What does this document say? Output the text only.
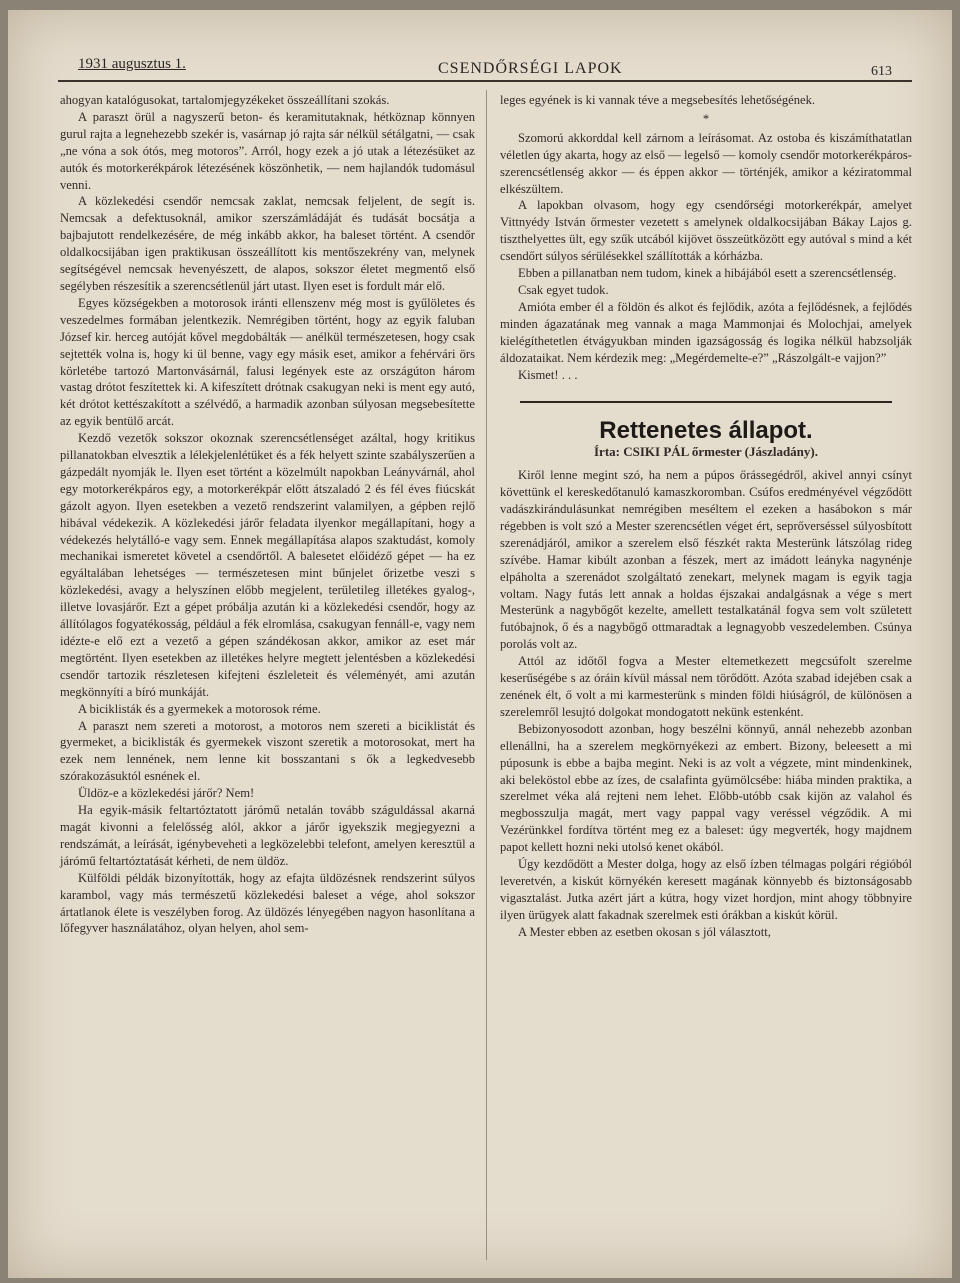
1931 augusztus 1.	CSENDŐRSÉGI LAPOK	613

ahogyan katalógusokat, tartalomjegyzékeket összeállítani szokás.

A paraszt örül a nagyszerű beton- és keramitutaknak, hétköznap könnyen gurul rajta a legnehezebb szekér is, vasárnap jó rajta sár nélkül sétálgatni, — csak „ne vóna a sok ótós, meg motoros”. Arról, hogy ezek a jó utak a létezésüket az autók és motorkerékpárok létezésének köszönhetik, — nem hajlandók tudomásul venni.

A közlekedési csendőr nemcsak zaklat, nemcsak feljelent, de segít is. Nemcsak a defektusoknál, amikor szerszámládáját és tudását bocsátja a bajbajutott rendelkezésére, de még inkább akkor, ha baleset történt. A csendőr oldalkocsijában igen praktikusan összeállított kis mentőszekrény van, melynek segítségével nemcsak hevenyészett, de alapos, sokszor életet megmentő első segélyben részesítik a szerencsétlenül járt utast. Ilyen eset is fordult már elő.

Egyes községekben a motorosok iránti ellenszenv még most is gyűlöletes és veszedelmes formában jelentkezik. Nemrégiben történt, hogy az egyik faluban József kir. herceg autóját kővel megdobálták — anélkül természetesen, hogy csak sejtették volna is, hogy ki ül benne, vagy egy másik eset, amikor a fehérvári örs körletébe tartozó Martonvásárnál, falusi legények este az országúton három vastag drótot feszítettek ki. A kifeszített drótnak csakugyan neki is ment egy autó, két drótot kettészakított a szélvédő, a harmadik azonban súlyosan megsebesítette az egyik bentülő arcát.

Kezdő vezetők sokszor okoznak szerencsétlenséget azáltal, hogy kritikus pillanatokban elvesztik a lélekjelenlétüket és a fék helyett szinte szabályszerűen a gázpedált nyomják le. Ilyen eset történt a közelmúlt napokban Leányvárnál, ahol egy motorkerékpáros egy, a motorkerékpár előtt átszaladó 2 és fél éves fiúcskát gázolt agyon. Ilyen esetekben a vezető rendszerint valamilyen, a gépben rejlő hibával védekezik. A közlekedési járőr feladata ilyenkor megállapítani, hogy a védekezés helytálló-e vagy sem. Ennek megállapítása alapos szaktudást, komoly mechanikai ismeretet követel a csendőrtől. A balesetet előidéző gépet — ha ez egyáltalában lehetséges — természetesen mint bűnjelet őrizetbe veszi s közlekedési, avagy a helyszínen előbb megjelent, területileg illetékes gyalog-, illetve lovasjárőr. Ezt a gépet próbálja azután ki a közlekedési csendőr, hogy az állítólagos fogyatékosság, például a fék elromlása, csakugyan fennáll-e, vagy nem idézte-e elő ezt a vezető a gépen szándékosan akkor, amikor az eset már megtörtént. Ilyen esetekben az illetékes helyre megtett jelentésben a közlekedési csendőr tartozik részletesen kifejteni észleleteit és véleményét, ami azután megkönnyíti a bíró munkáját.

A biciklisták és a gyermekek a motorosok réme.

A paraszt nem szereti a motorost, a motoros nem szereti a biciklistát és gyermeket, a biciklisták és gyermekek viszont szeretik a motorosokat, mert ha ezek nem lennének, nem lenne kit bosszantani s ők a legkedvesebb szórakozásuktól esnének el.

Üldöz-e a közlekedési járőr? Nem!

Ha egyik-másik feltartóztatott járómű netalán tovább száguldással akarná magát kivonni a felelősség alól, akkor a járőr igyekszik megjegyezni a rendszámát, a leírását, igénybeveheti a legközelebbi telefont, amelyen keresztül a járómű feltartóztatását kérheti, de nem üldöz.

Külföldi példák bizonyították, hogy az efajta üldözésnek rendszerint súlyos karambol, vagy más természetű közlekedési baleset a vége, ahol sokszor ártatlanok élete is veszélyben forog. Az üldözés lényegében nagyon hasonlítana a lőfegyver használatához, olyan helyen, ahol sem-

leges egyének is ki vannak téve a megsebesítés lehetőségének.

*

Szomorú akkorddal kell zárnom a leírásomat. Az ostoba és kiszámíthatatlan véletlen úgy akarta, hogy az első — legelső — komoly csendőr motorkerékpáros-szerencsétlenség akkor — és éppen akkor — történjék, amikor a kéziratommal elkészültem.

A lapokban olvasom, hogy egy csendőrségi motorkerékpár, amelyet Vittnyédy István őrmester vezetett s amelynek oldalkocsijában Bákay Lajos g. tiszthelyettes ült, egy szűk utcából kijövet összeütközött egy autóval s mind a két csendőrt súlyos sérülésekkel szállították a kórházba.

Ebben a pillanatban nem tudom, kinek a hibájából esett a szerencsétlenség.

Csak egyet tudok.

Amióta ember él a földön és alkot és fejlődik, azóta a fejlődésnek, a fejlődés minden ágazatának meg vannak a maga Mammonjai és Molochjai, amelyek kielégíthetetlen étvágyukban minden igazságosság és logika nélkül habzsolják áldozataikat. Nem kérdezik meg: „Megérdemelte-e?” „Rászolgált-e vajjon?”

Kismet! . . .

Rettenetes állapot.
Írta: CSIKI PÁL őrmester (Jászladány).

Kiről lenne megint szó, ha nem a púpos őrássegédről, akivel annyi csínyt követtünk el kereskedőtanuló kamaszkoromban. Csúfos eredményével végződött vadászkirándulásunkat nemrégiben meséltem el ezeken a hasábokon s már régebben is volt szó a Mester szerencsétlen véget ért, seprőverséssel súlyosbított szerenádjáról, amikor a szerelem első fészkét rakta Mesterünk látszólag rideg szívébe. Hamar kibúlt azonban a fészek, mert az imádott leányka nagynénje elpáholta a szerenádot szolgáltató zenekart, melynek magam is egyik tagja voltam. Nagy futás lett annak a holdas éjszakai andalgásnak a vége s mert Mesterünk a nagybőgőt kezelte, amellett testalkatánál fogva sem volt született futóbajnok, ő és a nagybőgő ottmaradtak a legnagyobb veszedelemben. Csúnya porolás volt az.

Attól az időtől fogva a Mester eltemetkezett megcsúfolt szerelme keserűségébe s az óráin kívül mással nem törődött. Azóta szabad idejében csak a zenének élt, ő volt a mi karmesterünk s minden földi hiúságról, de különösen a szerelemről lesujtó dolgokat mondogatott nekünk estenként.

Bebizonyosodott azonban, hogy beszélni könnyű, annál nehezebb azonban ellenállni, ha a szerelem megkörnyékezi az embert. Bizony, beleesett a mi púposunk is ebbe a bajba megint. Neki is az volt a végzete, mint mindenkinek, aki beleköstol ebbe az ízes, de csalafinta gyümölcsébe: hiába minden praktika, a szerelmet véka alá rejteni nem lehet. Előbb-utóbb csak kijön az valahol és megbosszulja magát, mert vagy pappal vagy veréssel végződik. A mi Vezérünkkel fordítva történt meg ez a baleset: úgy megverték, hogy majdnem papot kellett hozni neki utolsó kenet okából.

Úgy kezdődött a Mester dolga, hogy az első ízben télmagas polgári régióból leveretvén, a kiskút környékén keresett magának könnyebb és biztonságosabb vigasztalást. Jutka azért járt a kútra, hogy vizet hordjon, mint ahogy többnyire ilyen ürügyek alatt fakadnak szerelmek esti órákban a kiskút körül.

A Mester ebben az esetben okosan s jól választott,
